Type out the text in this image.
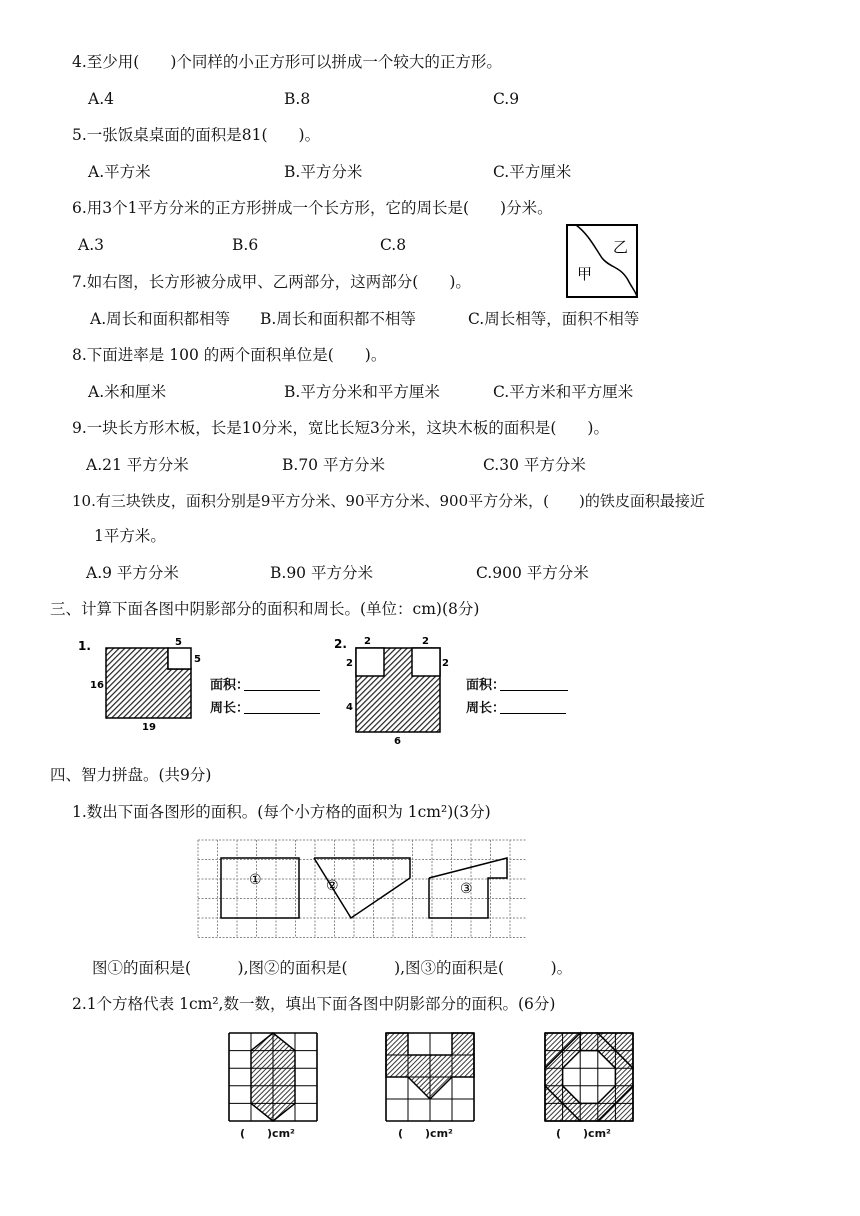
4.至少用(　　)个同样的小正方形可以拼成一个较大的正方形。
A.4	B.8	C.9
5.一张饭桌桌面的面积是81(　　)。
A.平方米	B.平方分米	C.平方厘米
6.用3个1平方分米的正方形拼成一个长方形，它的周长是(　　)分米。
A.3	B.6	C.8	乙
甲
7.如右图，长方形被分成甲、乙两部分，这两部分(　　)。
A.周长和面积都相等 B.周长和面积都不相等	C.周长相等，面积不相等
8.下面进率是 100 的两个面积单位是(　　)。
A.米和厘米	B.平方分米和平方厘米	C.平方米和平方厘米
9.一块长方形木板，长是10分米，宽比长短3分米，这块木板的面积是(　　)。
A.21 平方分米	B.70 平方分米	C.30 平方分米
10.有三块铁皮，面积分别是9平方分米、90平方分米、900平方分米，(　　)的铁皮面积最接近
1平方米。
A.9 平方分米	B.90 平方分米	C.900 平方分米
三、计算下面各图中阴影部分的面积和周长。(单位：cm)(8分)
1.	5
5
16
19
面积：
周长：
2. 2	2
2	2
4
6
面积：
周长：
四、智力拼盘。(共9分)
1.数出下面各图形的面积。(每个小方格的面积为 1cm²)(3分)
①	②	③
图①的面积是(　　　),图②的面积是(　　　),图③的面积是(　　　)。
2.1个方格代表 1cm²,数一数，填出下面各图中阴影部分的面积。(6分)
(　　)cm²	(　　)cm²	(　　)cm²
